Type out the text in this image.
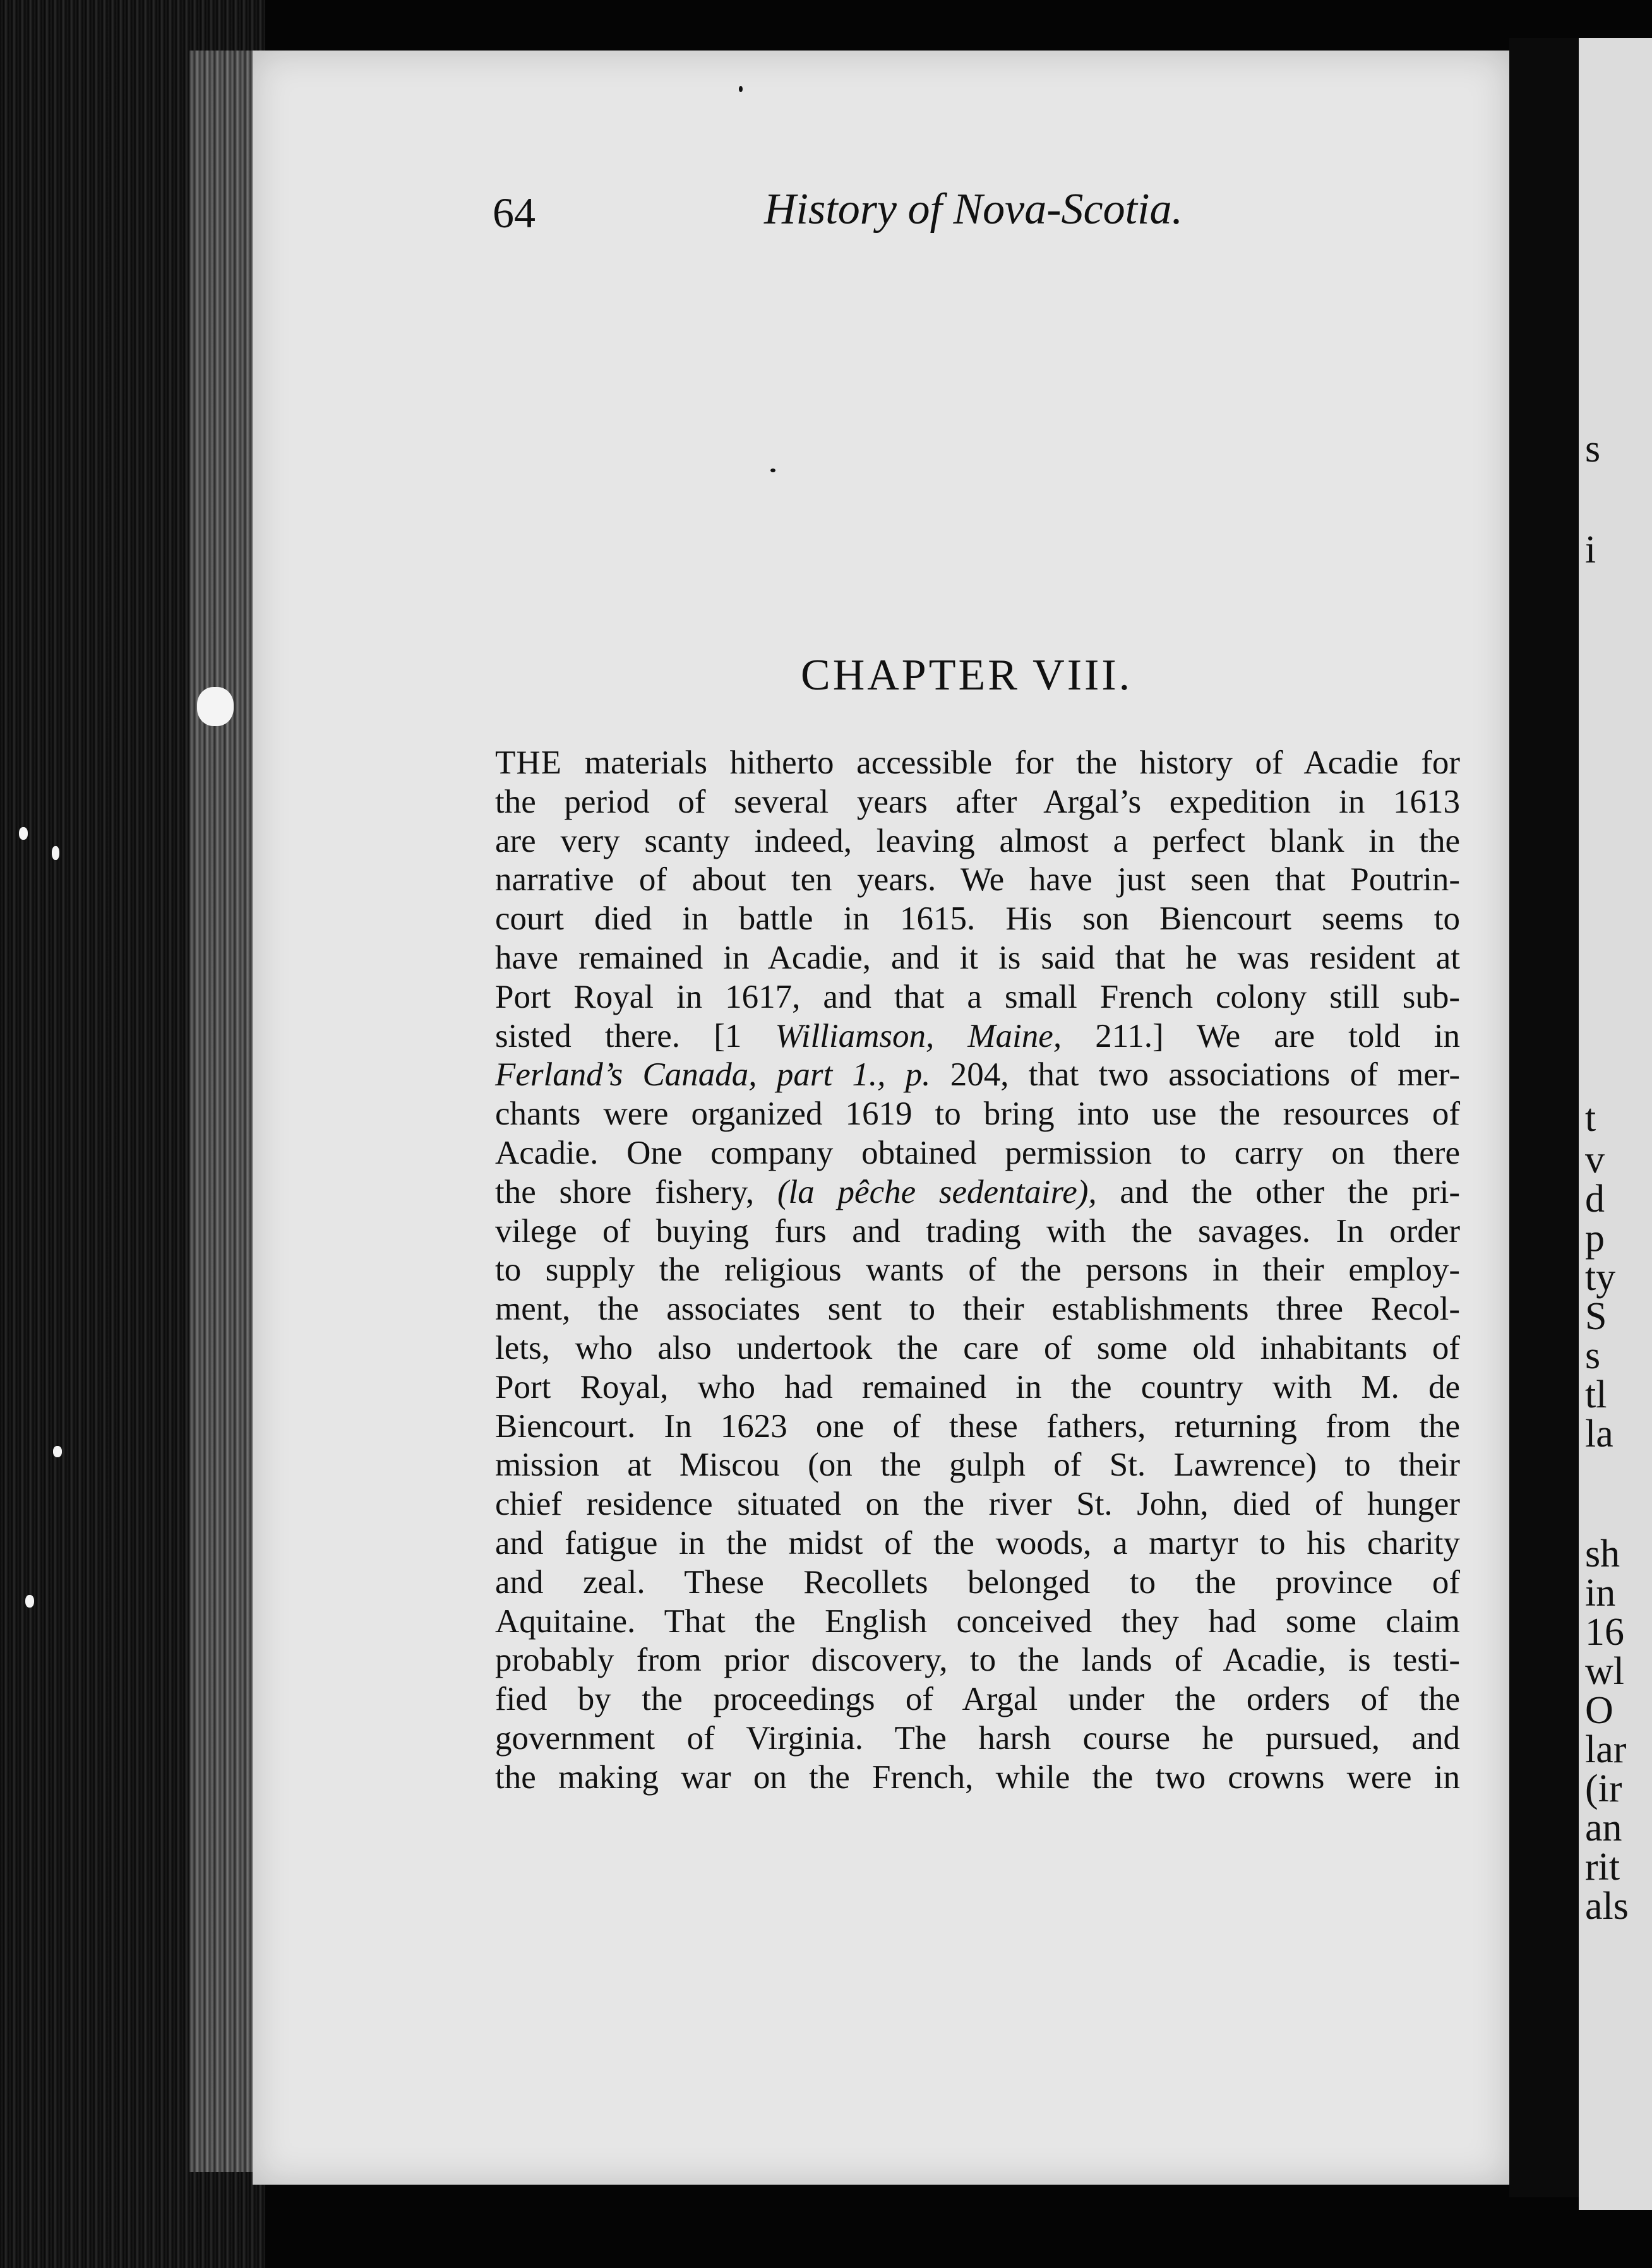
s
i
t
v
d
p
ty
S
s
tl
la
sh
in
16
wl
O
lar
(ir
an
rit
als
64	History of Nova-Scotia.
CHAPTER VIII.
THE materials hitherto accessible for the history of Acadie for
the period of several years after Argal’s expedition in 1613
are very scanty indeed, leaving almost a perfect blank in the
narrative of about ten years. We have just seen that Poutrin-
court died in battle in 1615. His son Biencourt seems to
have remained in Acadie, and it is said that he was resident at
Port Royal in 1617, and that a small French colony still sub-
sisted there. [1 Williamson, Maine, 211.] We are told in
Ferland’s Canada, part 1., p. 204, that two associations of mer-
chants were organized 1619 to bring into use the resources of
Acadie. One company obtained permission to carry on there
the shore fishery, (la pêche sedentaire), and the other the pri-
vilege of buying furs and trading with the savages. In order
to supply the religious wants of the persons in their employ-
ment, the associates sent to their establishments three Recol-
lets, who also undertook the care of some old inhabitants of
Port Royal, who had remained in the country with M. de
Biencourt. In 1623 one of these fathers, returning from the
mission at Miscou (on the gulph of St. Lawrence) to their
chief residence situated on the river St. John, died of hunger
and fatigue in the midst of the woods, a martyr to his charity
and zeal. These Recollets belonged to the province of
Aquitaine. That the English conceived they had some claim
probably from prior discovery, to the lands of Acadie, is testi-
fied by the proceedings of Argal under the orders of the
government of Virginia. The harsh course he pursued, and
the making war on the French, while the two crowns were in
